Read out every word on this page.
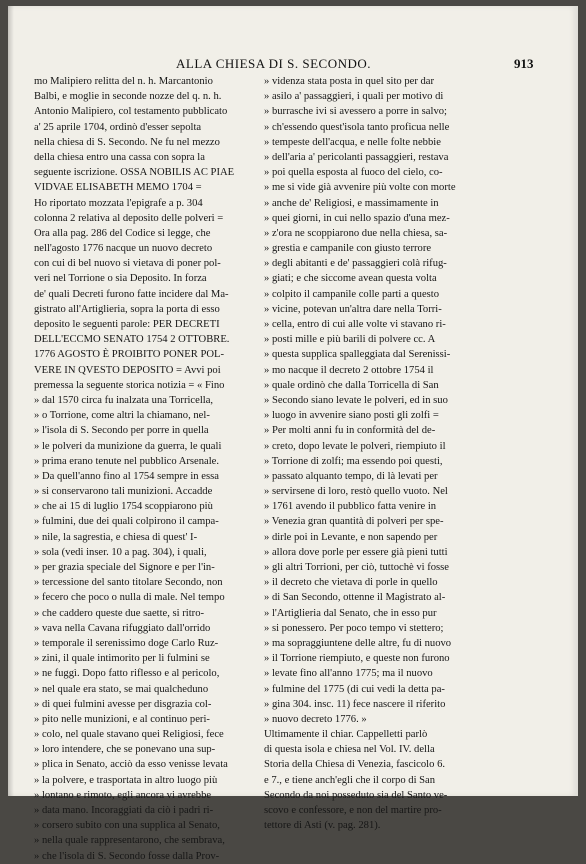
ALLA CHIESA DI S. SECONDO.	913
mo Malipiero relitta del n. h. Marcantonio
Balbi, e moglie in seconde nozze del q. n. h.
Antonio Malipiero, col testamento pubblicato
a' 25 aprile 1704, ordinò d'esser sepolta
nella chiesa di S. Secondo. Ne fu nel mezzo
della chiesa entro una cassa con sopra la
seguente iscrizione. OSSA NOBILIS AC PIAE
VIDVAE ELISABETH MEMO 1704 =
Ho riportato mozzata l'epigrafe a p. 304
colonna 2 relativa al deposito delle polveri =
Ora alla pag. 286 del Codice si legge, che
nell'agosto 1776 nacque un nuovo decreto
con cui di bel nuovo si vietava di poner pol-
veri nel Torrione o sia Deposito. In forza
de' quali Decreti furono fatte incidere dal Ma-
gistrato all'Artiglieria, sopra la porta di esso
deposito le seguenti parole: PER DECRETI
DELL'ECCMO SENATO 1754 2 OTTOBRE.
1776 AGOSTO È PROIBITO PONER POL-
VERE IN QVESTO DEPOSITO = Avvi poi
premessa la seguente storica notizia = « Fino
» dal 1570 circa fu inalzata una Torricella,
» o Torrione, come altri la chiamano, nel-
» l'isola di S. Secondo per porre in quella
» le polveri da munizione da guerra, le quali
» prima erano tenute nel pubblico Arsenale.
» Da quell'anno fino al 1754 sempre in essa
» si conservarono tali munizioni. Accadde
» che ai 15 di luglio 1754 scoppiarono più
» fulmini, due dei quali colpirono il campa-
» nile, la sagrestia, e chiesa di quest' I-
» sola (vedi inser. 10 a pag. 304), i quali,
» per grazia speciale del Signore e per l'in-
» tercessione del santo titolare Secondo, non
» fecero che poco o nulla di male. Nel tempo
» che caddero queste due saette, si ritro-
» vava nella Cavana rifuggiato dall'orrido
» temporale il serenissimo doge Carlo Ruz-
» zini, il quale intimorito per li fulmini se
» ne fuggì. Dopo fatto riflesso e al pericolo,
» nel quale era stato, se mai qualcheduno
» di quei fulmini avesse per disgrazia col-
» pito nelle munizioni, e al continuo peri-
» colo, nel quale stavano quei Religiosi, fece
» loro intendere, che se ponevano una sup-
» plica in Senato, acciò da esso venisse levata
» la polvere, e trasportata in altro luogo più
» lontano e rimoto, egli ancora vi avrebbe
» data mano. Incoraggiati da ciò i padri ri-
» corsero subito con una supplica al Senato,
» nella quale rappresentarono, che sembrava,
» che l'isola di S. Secondo fosse dalla Prov-
» videnza stata posta in quel sito per dar
» asilo a' passaggieri, i quali per motivo di
» burrasche ivi si avessero a porre in salvo;
» ch'essendo quest'isola tanto proficua nelle
» tempeste dell'acqua, e nelle folte nebbie
» dell'aria a' pericolanti passaggieri, restava
» poi quella esposta al fuoco del cielo, co-
» me si vide già avvenire più volte con morte
» anche de' Religiosi, e massimamente in
» quei giorni, in cui nello spazio d'una mez-
» z'ora ne scoppiarono due nella chiesa, sa-
» grestia e campanile con giusto terrore
» degli abitanti e de' passaggieri colà rifug-
» giati; e che siccome avean questa volta
» colpito il campanile colle parti a questo
» vicine, potevan un'altra dare nella Torri-
» cella, entro di cui alle volte vi stavano ri-
» posti mille e più barili di polvere cc. A
» questa supplica spalleggiata dal Serenissi-
» mo nacque il decreto 2 ottobre 1754 il
» quale ordinò che dalla Torricella di San
» Secondo siano levate le polveri, ed in suo
» luogo in avvenire siano posti gli zolfi =
» Per molti anni fu in conformità del de-
» creto, dopo levate le polveri, riempiuto il
» Torrione di zolfi; ma essendo poi questi,
» passato alquanto tempo, di là levati per
» servirsene di loro, restò quello vuoto. Nel
» 1761 avendo il pubblico fatta venire in
» Venezia gran quantità di polveri per spe-
» dirle poi in Levante, e non sapendo per
» allora dove porle per essere già pieni tutti
» gli altri Torrioni, per ciò, tuttochè vi fosse
» il decreto che vietava di porle in quello
» di San Secondo, ottenne il Magistrato al-
» l'Artiglieria dal Senato, che in esso pur
» si ponessero. Per poco tempo vi stettero;
» ma sopraggiuntene delle altre, fu di nuovo
» il Torrione riempiuto, e queste non furono
» levate fino all'anno 1775; ma il nuovo
» fulmine del 1775 (di cui vedi la detta pa-
» gina 304. insc. 11) fece nascere il riferito
» nuovo decreto 1776. »
Ultimamente il chiar. Cappelletti parlò
di questa isola e chiesa nel Vol. IV. della
Storia della Chiesa di Venezia, fascicolo 6.
e 7., e tiene anch'egli che il corpo di San
Secondo da noi posseduto sia del Santo ve-
scovo e confessore, e non del martire pro-
tettore di Asti (v. pag. 281).
